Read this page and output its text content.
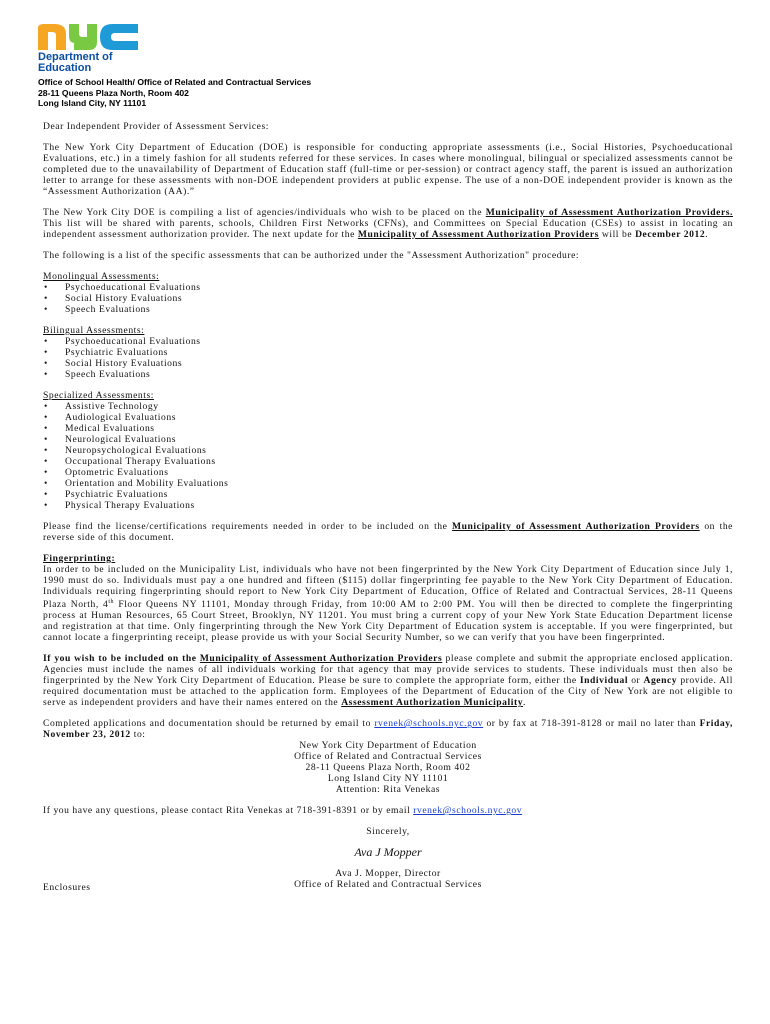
Department of
Education
Office of School Health/ Office of Related and Contractual Services
28-11 Queens Plaza North, Room 402
Long Island City, NY 11101

Dear Independent Provider of Assessment Services:

The New York City Department of Education (DOE) is responsible for conducting appropriate assessments (i.e., Social Histories, Psychoeducational Evaluations, etc.) in a timely fashion for all students referred for these services. In cases where monolingual, bilingual or specialized assessments cannot be completed due to the unavailability of Department of Education staff (full-time or per-session) or contract agency staff, the parent is issued an authorization letter to arrange for these assessments with non-DOE independent providers at public expense. The use of a non-DOE independent provider is known as the “Assessment Authorization (AA).”

The New York City DOE is compiling a list of agencies/individuals who wish to be placed on the Municipality of Assessment Authorization Providers. This list will be shared with parents, schools, Children First Networks (CFNs), and Committees on Special Education (CSEs) to assist in locating an independent assessment authorization provider. The next update for the Municipality of Assessment Authorization Providers will be December 2012.

The following is a list of the specific assessments that can be authorized under the "Assessment Authorization" procedure:

Monolingual Assessments:
• Psychoeducational Evaluations
• Social History Evaluations
• Speech Evaluations
Bilingual Assessments:
• Psychoeducational Evaluations
• Psychiatric Evaluations
• Social History Evaluations
• Speech Evaluations
Specialized Assessments:
• Assistive Technology
• Audiological Evaluations
• Medical Evaluations
• Neurological Evaluations
• Neuropsychological Evaluations
• Occupational Therapy Evaluations
• Optometric Evaluations
• Orientation and Mobility Evaluations
• Psychiatric Evaluations
• Physical Therapy Evaluations

Please find the license/certifications requirements needed in order to be included on the Municipality of Assessment Authorization Providers on the reverse side of this document.

Fingerprinting:

In order to be included on the Municipality List, individuals who have not been fingerprinted by the New York City Department of Education since July 1, 1990 must do so. Individuals must pay a one hundred and fifteen ($115) dollar fingerprinting fee payable to the New York City Department of Education. Individuals requiring fingerprinting should report to New York City Department of Education, Office of Related and Contractual Services, 28-11 Queens Plaza North, 4th Floor Queens NY 11101, Monday through Friday, from 10:00 AM to 2:00 PM. You will then be directed to complete the fingerprinting process at Human Resources, 65 Court Street, Brooklyn, NY 11201. You must bring a current copy of your New York State Education Department license and registration at that time. Only fingerprinting through the New York City Department of Education system is acceptable. If you were fingerprinted, but cannot locate a fingerprinting receipt, please provide us with your Social Security Number, so we can verify that you have been fingerprinted.

If you wish to be included on the Municipality of Assessment Authorization Providers please complete and submit the appropriate enclosed application. Agencies must include the names of all individuals working for that agency that may provide services to students. These individuals must then also be fingerprinted by the New York City Department of Education. Please be sure to complete the appropriate form, either the Individual or Agency provide. All required documentation must be attached to the application form. Employees of the Department of Education of the City of New York are not eligible to serve as independent providers and have their names entered on the Assessment Authorization Municipality.

Completed applications and documentation should be returned by email to rvenek@schools.nyc.gov or by fax at 718-391-8128 or mail no later than Friday, November 23, 2012 to:

New York City Department of Education
Office of Related and Contractual Services
28-11 Queens Plaza North, Room 402
Long Island City NY 11101
Attention: Rita Venekas

If you have any questions, please contact Rita Venekas at 718-391-8391 or by email rvenek@schools.nyc.gov

Sincerely,
Ava J Mopper
Ava J. Mopper, Director
Office of Related and Contractual Services
Enclosures
